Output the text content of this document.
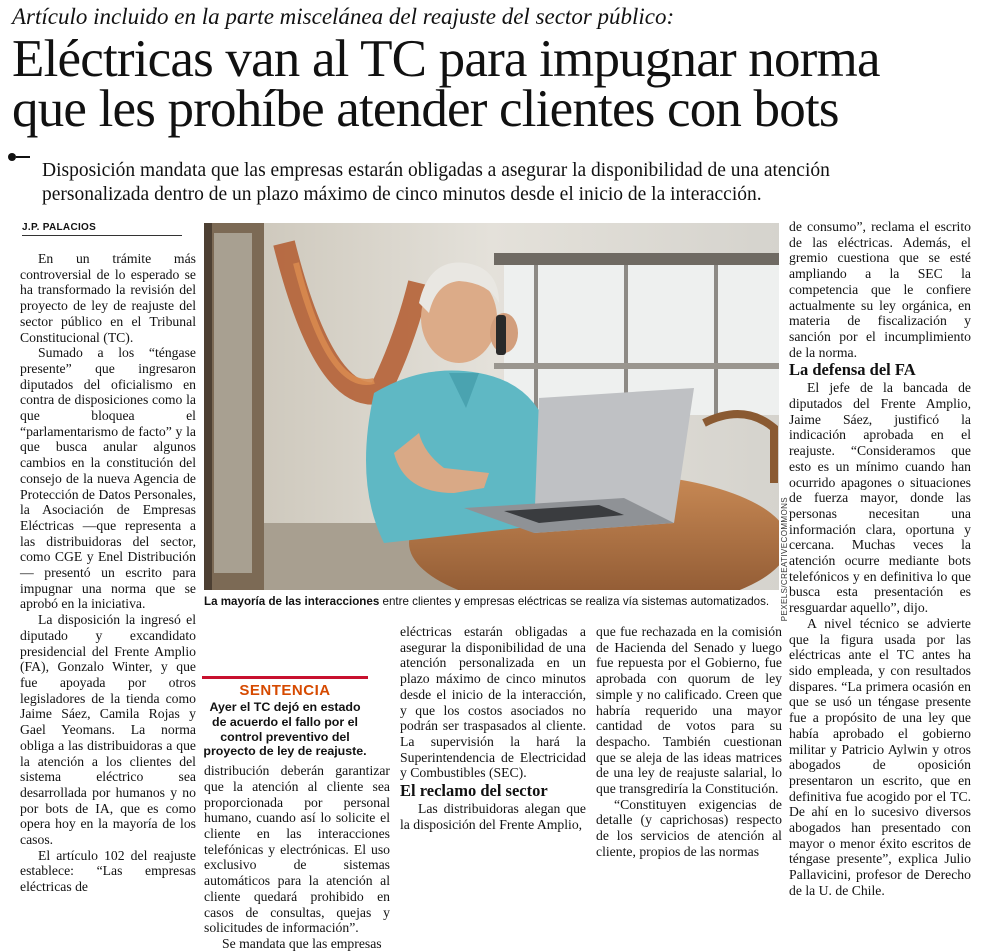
Artículo incluido en la parte miscelánea del reajuste del sector público:
Eléctricas van al TC para impugnar norma
que les prohíbe atender clientes con bots
Disposición mandata que las empresas estarán obligadas a asegurar la disponibilidad de una atención
personalizada dentro de un plazo máximo de cinco minutos desde el inicio de la interacción.
J.P. PALACIOS

En un trámite más controversial de lo esperado se ha transformado la revisión del proyecto de ley de reajuste del sector público en el Tribunal Constitucional (TC).

Sumado a los “téngase presente” que ingresaron diputados del oficialismo en contra de disposiciones como la que bloquea el “parlamentarismo de facto” y la que busca anular algunos cambios en la constitución del consejo de la nueva Agencia de Protección de Datos Personales, la Asociación de Empresas Eléctricas —que representa a las distribuidoras del sector, como CGE y Enel Distribución— presentó un escrito para impugnar una norma que se aprobó en la iniciativa.

La disposición la ingresó el diputado y excandidato presidencial del Frente Amplio (FA), Gonzalo Winter, y que fue apoyada por otros legisladores de la tienda como Jaime Sáez, Camila Rojas y Gael Yeomans. La norma obliga a las distribuidoras a que la atención a los clientes del sistema eléctrico sea desarrollada por humanos y no por bots de IA, que es como opera hoy en la mayoría de los casos.

El artículo 102 del reajuste establece: “Las empresas eléctricas de

PEXELS/CREATIVECOMMONS
La mayoría de las interacciones entre clientes y empresas eléctricas se realiza vía sistemas automatizados.
SENTENCIA
Ayer el TC dejó en estado de acuerdo el fallo por el control preventivo del proyecto de ley de reajuste.

distribución deberán garantizar que la atención al cliente sea proporcionada por personal humano, cuando así lo solicite el cliente en las interacciones telefónicas y electrónicas. El uso exclusivo de sistemas automáticos para la atención al cliente quedará prohibido en casos de consultas, quejas y solicitudes de información”.

Se mandata que las empresas

eléctricas estarán obligadas a asegurar la disponibilidad de una atención personalizada en un plazo máximo de cinco minutos desde el inicio de la interacción, y que los costos asociados no podrán ser traspasados al cliente. La supervisión la hará la Superintendencia de Electricidad y Combustibles (SEC).

El reclamo del sector

Las distribuidoras alegan que la disposición del Frente Amplio,

que fue rechazada en la comisión de Hacienda del Senado y luego fue repuesta por el Gobierno, fue aprobada con quorum de ley simple y no calificado. Creen que habría requerido una mayor cantidad de votos para su despacho. También cuestionan que se aleja de las ideas matrices de una ley de reajuste salarial, lo que transgrediría la Constitución.

“Constituyen exigencias de detalle (y caprichosas) respecto de los servicios de atención al cliente, propios de las normas

de consumo”, reclama el escrito de las eléctricas. Además, el gremio cuestiona que se esté ampliando a la SEC la competencia que le confiere actualmente su ley orgánica, en materia de fiscalización y sanción por el incumplimiento de la norma.

La defensa del FA

El jefe de la bancada de diputados del Frente Amplio, Jaime Sáez, justificó la indicación aprobada en el reajuste. “Consideramos que esto es un mínimo cuando han ocurrido apagones o situaciones de fuerza mayor, donde las personas necesitan una información clara, oportuna y cercana. Muchas veces la atención ocurre mediante bots telefónicos y en definitiva lo que busca esta presentación es resguardar aquello”, dijo.

A nivel técnico se advierte que la figura usada por las eléctricas ante el TC antes ha sido empleada, y con resultados dispares. “La primera ocasión en que se usó un téngase presente fue a propósito de una ley que había aprobado el gobierno militar y Patricio Aylwin y otros abogados de oposición presentaron un escrito, que en definitiva fue acogido por el TC. De ahí en lo sucesivo diversos abogados han presentado con mayor o menor éxito escritos de téngase presente”, explica Julio Pallavicini, profesor de Derecho de la U. de Chile.
